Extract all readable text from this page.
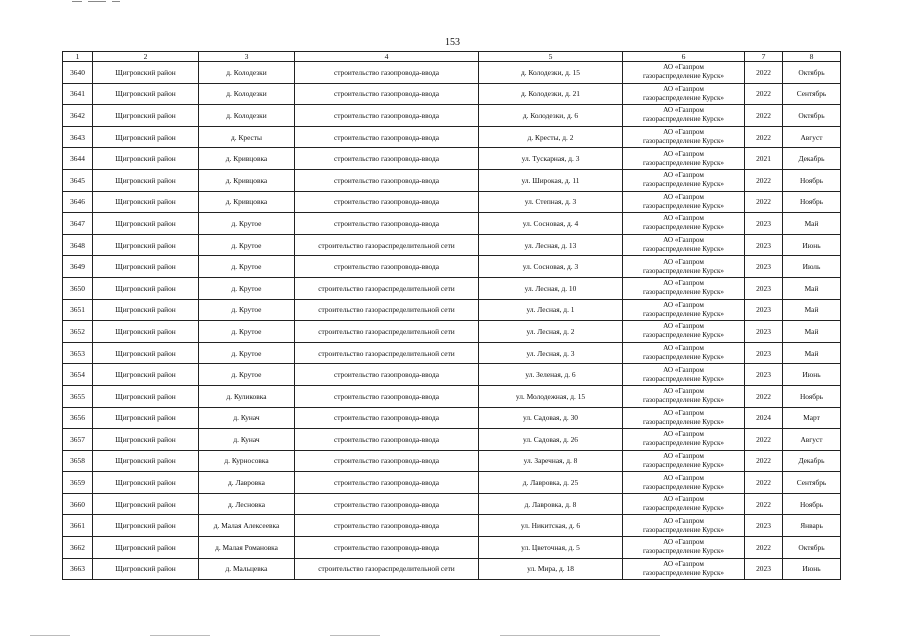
153
1	2	3	4	5	6	7	8
3640	Щигровский район	д. Колодезки	строительство газопровода-ввода	д. Колодезки, д. 15	АО «Газпром
газораспределение Курск»	2022	Октябрь
3641	Щигровский район	д. Колодезки	строительство газопровода-ввода	д. Колодезки, д. 21	АО «Газпром
газораспределение Курск»	2022	Сентябрь
3642	Щигровский район	д. Колодезки	строительство газопровода-ввода	д. Колодезки, д. 6	АО «Газпром
газораспределение Курск»	2022	Октябрь
3643	Щигровский район	д. Кресты	строительство газопровода-ввода	д. Кресты, д. 2	АО «Газпром
газораспределение Курск»	2022	Август
3644	Щигровский район	д. Кривцовка	строительство газопровода-ввода	ул. Тускарная, д. 3	АО «Газпром
газораспределение Курск»	2021	Декабрь
3645	Щигровский район	д. Кривцовка	строительство газопровода-ввода	ул. Широкая, д. 11	АО «Газпром
газораспределение Курск»	2022	Ноябрь
3646	Щигровский район	д. Кривцовка	строительство газопровода-ввода	ул. Степная, д. 3	АО «Газпром
газораспределение Курск»	2022	Ноябрь
3647	Щигровский район	д. Крутое	строительство газопровода-ввода	ул. Сосновая, д. 4	АО «Газпром
газораспределение Курск»	2023	Май
3648	Щигровский район	д. Крутое	строительство газораспределительной сети	ул. Лесная, д. 13	АО «Газпром
газораспределение Курск»	2023	Июнь
3649	Щигровский район	д. Крутое	строительство газопровода-ввода	ул. Сосновая, д. 3	АО «Газпром
газораспределение Курск»	2023	Июль
3650	Щигровский район	д. Крутое	строительство газораспределительной сети	ул. Лесная, д. 10	АО «Газпром
газораспределение Курск»	2023	Май
3651	Щигровский район	д. Крутое	строительство газораспределительной сети	ул. Лесная, д. 1	АО «Газпром
газораспределение Курск»	2023	Май
3652	Щигровский район	д. Крутое	строительство газораспределительной сети	ул. Лесная, д. 2	АО «Газпром
газораспределение Курск»	2023	Май
3653	Щигровский район	д. Крутое	строительство газораспределительной сети	ул. Лесная, д. 3	АО «Газпром
газораспределение Курск»	2023	Май
3654	Щигровский район	д. Крутое	строительство газопровода-ввода	ул. Зеленая, д. 6	АО «Газпром
газораспределение Курск»	2023	Июнь
3655	Щигровский район	д. Куликовка	строительство газопровода-ввода	ул. Молодежная, д. 15	АО «Газпром
газораспределение Курск»	2022	Ноябрь
3656	Щигровский район	д. Кунач	строительство газопровода-ввода	ул. Садовая, д. 30	АО «Газпром
газораспределение Курск»	2024	Март
3657	Щигровский район	д. Кунач	строительство газопровода-ввода	ул. Садовая, д. 26	АО «Газпром
газораспределение Курск»	2022	Август
3658	Щигровский район	д. Курносовка	строительство газопровода-ввода	ул. Заречная, д. 8	АО «Газпром
газораспределение Курск»	2022	Декабрь
3659	Щигровский район	д. Лавровка	строительство газопровода-ввода	д. Лавровка, д. 25	АО «Газпром
газораспределение Курск»	2022	Сентябрь
3660	Щигровский район	д. Лесновка	строительство газопровода-ввода	д. Лавровка, д. 8	АО «Газпром
газораспределение Курск»	2022	Ноябрь
3661	Щигровский район	д. Малая Алексеевка	строительство газопровода-ввода	ул. Никитская, д. 6	АО «Газпром
газораспределение Курск»	2023	Январь
3662	Щигровский район	д. Малая Романовка	строительство газопровода-ввода	ул. Цветочная, д. 5	АО «Газпром
газораспределение Курск»	2022	Октябрь
3663	Щигровский район	д. Мальцевка	строительство газораспределительной сети	ул. Мира, д. 18	АО «Газпром
газораспределение Курск»	2023	Июнь
